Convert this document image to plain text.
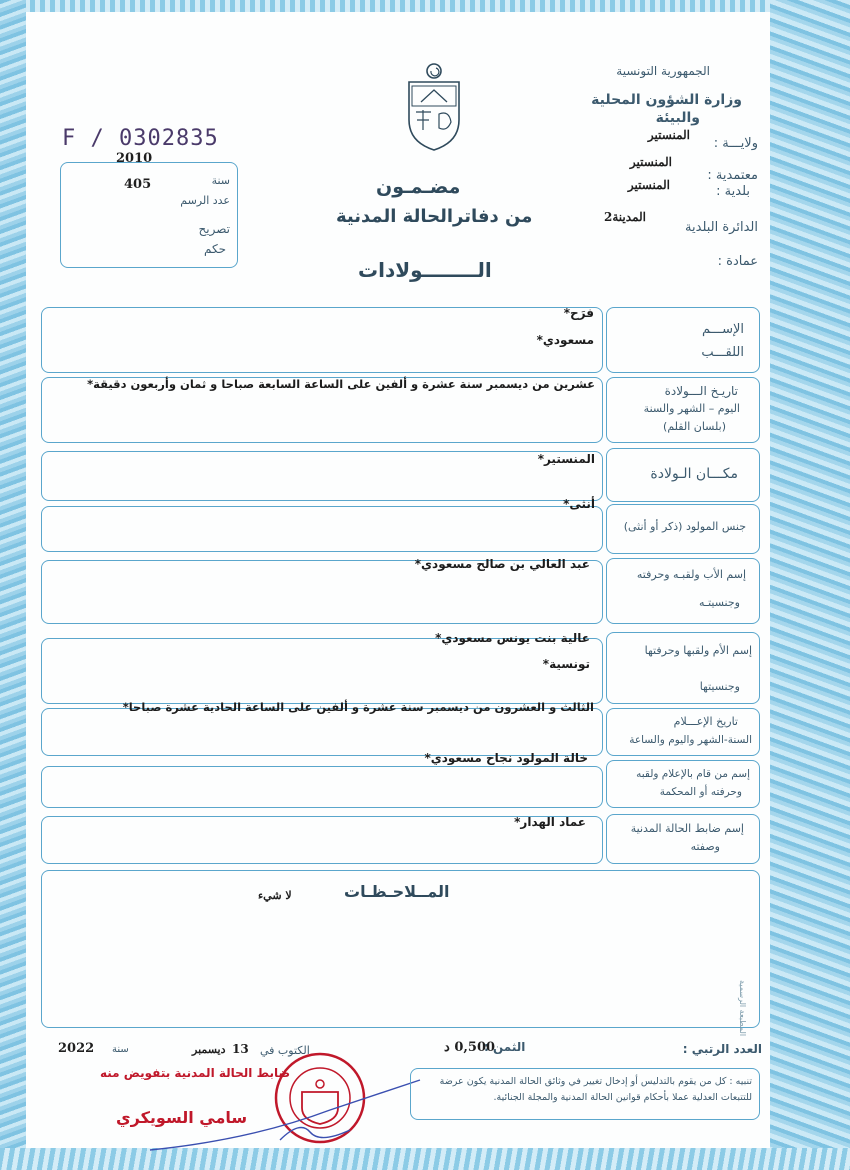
الجمهورية التونسية
وزارة الشؤون المحلية
والبيئة
ولايـــة :
المنستير
معتمدية :
المنستير
بلدية :
المنستير
الدائرة البلدية
المدينة2
عمادة :
F / 0302835
2010
سنة
405
عدد الرسم
تصريح
حكم
مضـمـون
من دفاترالحالة المدنية
الــــــــولادات
الإســـم
اللقـــب
فرَح*
مسعودي*
تاريـخ الـــولادة
اليوم – الشهر والسنة
(بلسان القلم)
عشرين من ديسمبر سنة عشرة و ألفين على الساعة السابعة صباحا و ثمان وأربعون دقيقة*
مكـــان الـولادة
المنستير*
جنس المولود (ذكر أو أنثى)
أنثى*
إسم الأب ولقبـه وحرفته
وجنسيتـه
عبد العالي بن صالح مسعودي*
إسم الأم ولقبها وحرفتها
وجنسيتها
عالية بنت يونس مسعودي*
تونسية*
تاريخ الإعـــلام
السنة-الشهر واليوم والساعة
الثالث و العشرون من ديسمبر سنة عشرة و ألفين على الساعة الحادية عشرة صباحا*
إسم من قام بالإعلام ولقبه
وحرفته أو المحكمة
خالة المولود نجاح مسعودي*
إسم ضابط الحالة المدنية
وصفته
عماد الهدار*
المــلاحـظـات
لا شيء
المطبعة الرسمية
العدد الرتبي :
الثمن :
0,500 د
الكتوب في
13
ديسمبر
سنة
2022
ضابط الحالة المدنية بتفويض منه
سامي السويكري
تنبيه : كل من يقوم بالتدليس أو إدخال تغيير في وثائق الحالة المدنية يكون عرضة للتتبعات العدلية عملا بأحكام قوانين الحالة المدنية والمجلة الجنائية.
